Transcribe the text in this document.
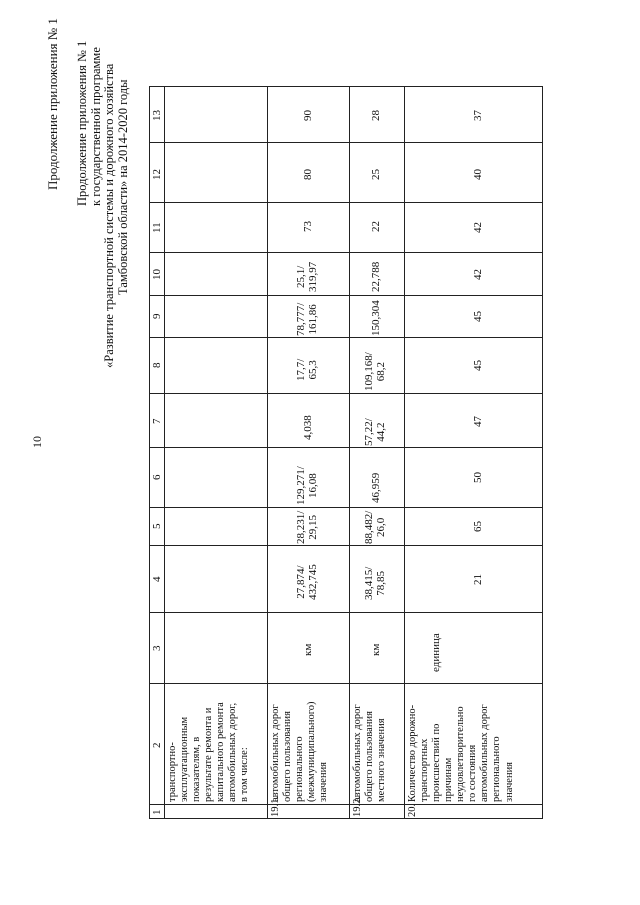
10
Продолжение приложения № 1 Продолжение приложения № 1 к государственной программе «Развитие транспортной системы и дорожного хозяйства Тамбовской области» на 2014-2020 годы
1
2
3
4
5
6
7
8
9
10
11
12
13
транспортно- эксплуатационным показателям, в результате ремонта и капитального ремонта автомобильных дорог, в том числе:
19.1.
автомобильных дорог общего пользования регионального (межмуниципального) значения
км
27,874/ 432,745
28,231/ 29,15
129,271/ 16,08
4,038
17,7/ 65,3
78,777/ 161,86
25,1/ 319,97
73
80
90
19.2.
автомобильных дорог общего пользования местного значения
км
38,415/ 78,85
88,482/ 26,0
46,959
57,22/ 44,2
109,168/ 68,2
150,304
22,788
22
25
28
20.
Количество дорожно- транспортных происшествий по причинам неудовлетворительно го состояния автомобильных дорог регионального значения
единица
21
65
50
47
45
45
42
42
40
37
